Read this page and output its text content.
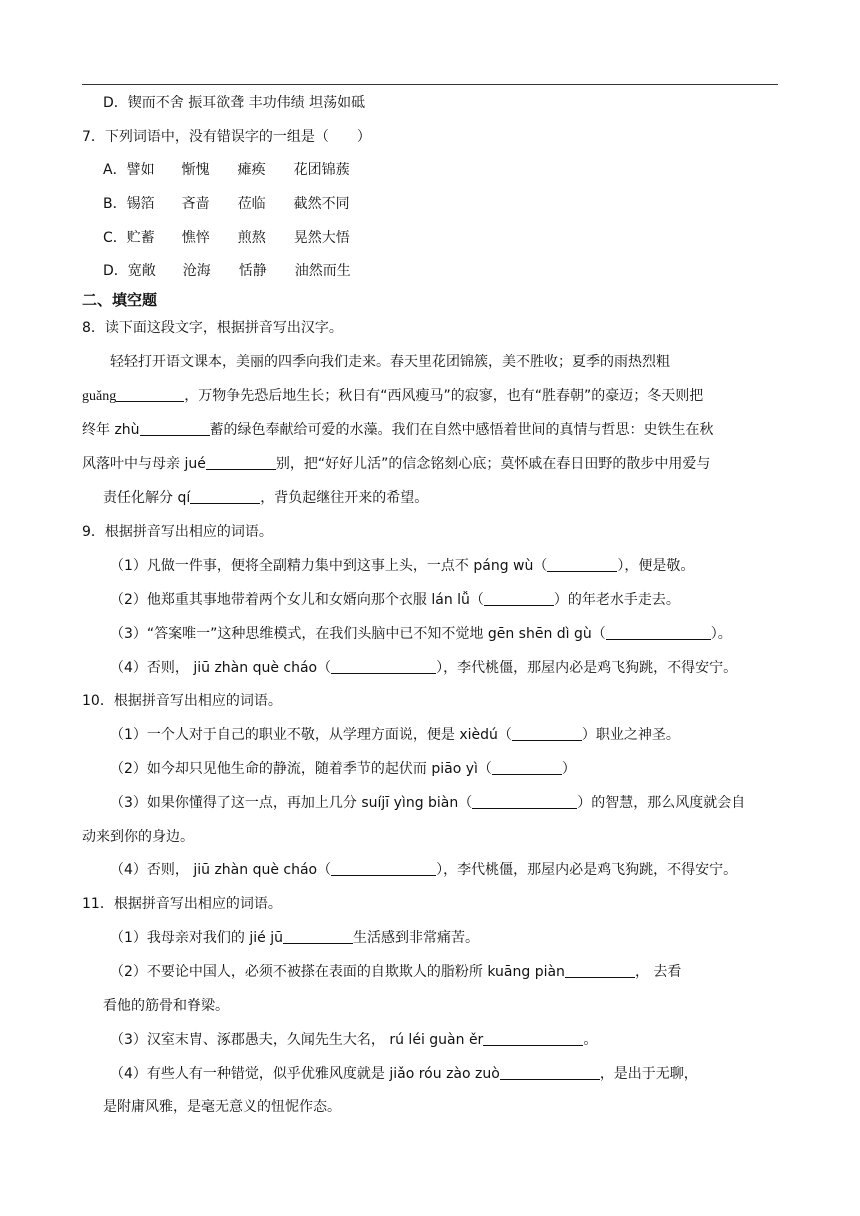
D．锲而不舍 振耳欲聋 丰功伟绩 坦荡如砥
7．下列词语中，没有错误字的一组是（　　）
A．譬如 惭愧 瘫痪 花团锦蔟
B．锡箔 吝啬 莅临 截然不同
C．贮蓄 憔悴 煎熬 晃然大悟
D．宽敞 沧海 恬静 油然而生
二、填空题
8．读下面这段文字，根据拼音写出汉字。
轻轻打开语文课本，美丽的四季向我们走来。春天里花团锦簇，美不胜收；夏季的雨热烈粗
guǎng	，万物争先恐后地生长；秋日有“西风瘦马”的寂寥，也有“胜春朝”的豪迈；冬天则把
终年 zhù	蓄的绿色奉献给可爱的水藻。我们在自然中感悟着世间的真情与哲思：史铁生在秋
风落叶中与母亲 jué	别，把“好好儿活”的信念铭刻心底；莫怀戚在春日田野的散步中用爱与
责任化解分 qí	，背负起继往开来的希望。
9．根据拼音写出相应的词语。
（1）凡做一件事，便将全副精力集中到这事上头，一点不 páng wù（	），便是敬。
（2）他郑重其事地带着两个女儿和女婿向那个衣服 lán lǚ（	）的年老水手走去。
（3）“答案唯一”这种思维模式，在我们头脑中已不知不觉地 gēn shēn dì gù（	）。
（4）否则， jiū zhàn què cháo（	），李代桃僵，那屋内必是鸡飞狗跳，不得安宁。
10．根据拼音写出相应的词语。
（1）一个人对于自己的职业不敬，从学理方面说，便是 xièdú（	）职业之神圣。
（2）如今却只见他生命的静流，随着季节的起伏而 piāo yì（	）
（3）如果你懂得了这一点，再加上几分 suíjī yìng biàn（	）的智慧，那么风度就会自
动来到你的身边。
（4）否则， jiū zhàn què cháo（	），李代桃僵，那屋内必是鸡飞狗跳，不得安宁。
11．根据拼音写出相应的词语。
（1）我母亲对我们的 jié jū	生活感到非常痛苦。
（2）不要论中国人，必须不被搽在表面的自欺欺人的脂粉所 kuāng piàn	， 去看
看他的筋骨和脊梁。
（3）汉室末胄、涿郡愚夫，久闻先生大名， rú léi guàn ěr	。
（4）有些人有一种错觉，似乎优雅风度就是 jiǎo róu zào zuò	，是出于无聊，
是附庸风雅，是毫无意义的忸怩作态。
